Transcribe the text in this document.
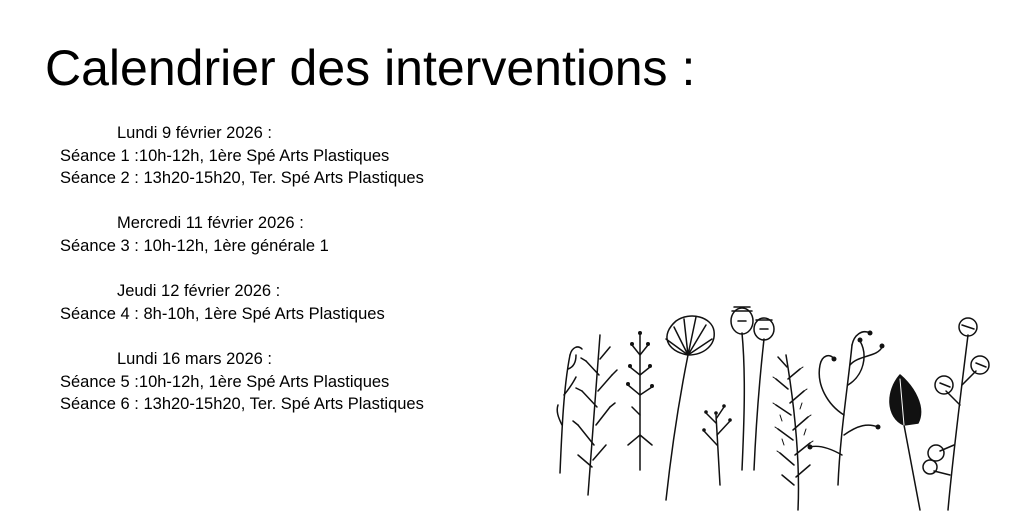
Calendrier des interventions :
Lundi 9 février 2026 :
Séance 1 :10h-12h, 1ère Spé Arts Plastiques
Séance 2 : 13h20-15h20, Ter. Spé Arts Plastiques
Mercredi 11 février 2026 :
Séance 3 : 10h-12h, 1ère générale 1
Jeudi 12 février 2026 :
Séance 4 : 8h-10h, 1ère Spé Arts Plastiques
Lundi 16 mars 2026 :
Séance 5 :10h-12h, 1ère Spé Arts Plastiques
Séance 6 : 13h20-15h20, Ter. Spé Arts Plastiques
